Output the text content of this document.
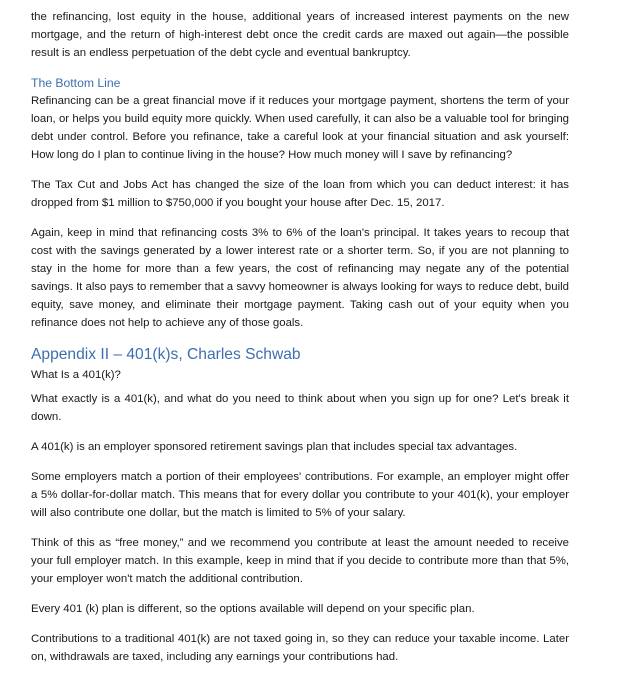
the refinancing, lost equity in the house, additional years of increased interest payments on the new mortgage, and the return of high-interest debt once the credit cards are maxed out again—the possible result is an endless perpetuation of the debt cycle and eventual bankruptcy.

The Bottom Line

Refinancing can be a great financial move if it reduces your mortgage payment, shortens the term of your loan, or helps you build equity more quickly. When used carefully, it can also be a valuable tool for bringing debt under control. Before you refinance, take a careful look at your financial situation and ask yourself: How long do I plan to continue living in the house? How much money will I save by refinancing?

The Tax Cut and Jobs Act has changed the size of the loan from which you can deduct interest: it has dropped from $1 million to $750,000 if you bought your house after Dec. 15, 2017.

Again, keep in mind that refinancing costs 3% to 6% of the loan's principal. It takes years to recoup that cost with the savings generated by a lower interest rate or a shorter term. So, if you are not planning to stay in the home for more than a few years, the cost of refinancing may negate any of the potential savings. It also pays to remember that a savvy homeowner is always looking for ways to reduce debt, build equity, save money, and eliminate their mortgage payment. Taking cash out of your equity when you refinance does not help to achieve any of those goals.

Appendix II – 401(k)s, Charles Schwab

What Is a 401(k)?

What exactly is a 401(k), and what do you need to think about when you sign up for one? Let's break it down.

A 401(k) is an employer sponsored retirement savings plan that includes special tax advantages.

Some employers match a portion of their employees' contributions. For example, an employer might offer a 5% dollar-for-dollar match. This means that for every dollar you contribute to your 401(k), your employer will also contribute one dollar, but the match is limited to 5% of your salary.

Think of this as “free money,” and we recommend you contribute at least the amount needed to receive your full employer match. In this example, keep in mind that if you decide to contribute more than that 5%, your employer won't match the additional contribution.

Every 401 (k) plan is different, so the options available will depend on your specific plan.

Contributions to a traditional 401(k) are not taxed going in, so they can reduce your taxable income. Later on, withdrawals are taxed, including any earnings your contributions had.
